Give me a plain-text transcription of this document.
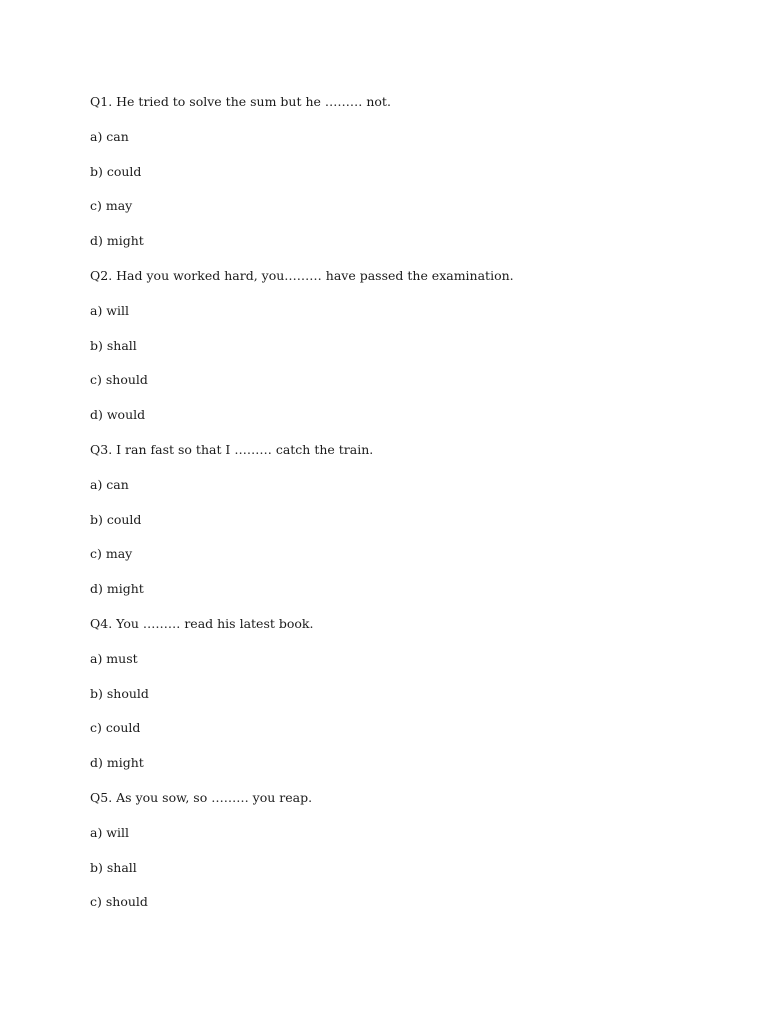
Q1. He tried to solve the sum but he ……… not.
a) can
b) could
c) may
d) might
Q2. Had you worked hard, you……… have passed the examination.
a) will
b) shall
c) should
d) would
Q3. I ran fast so that I ……… catch the train.
a) can
b) could
c) may
d) might
Q4. You ……… read his latest book.
a) must
b) should
c) could
d) might
Q5. As you sow, so ……… you reap.
a) will
b) shall
c) should
